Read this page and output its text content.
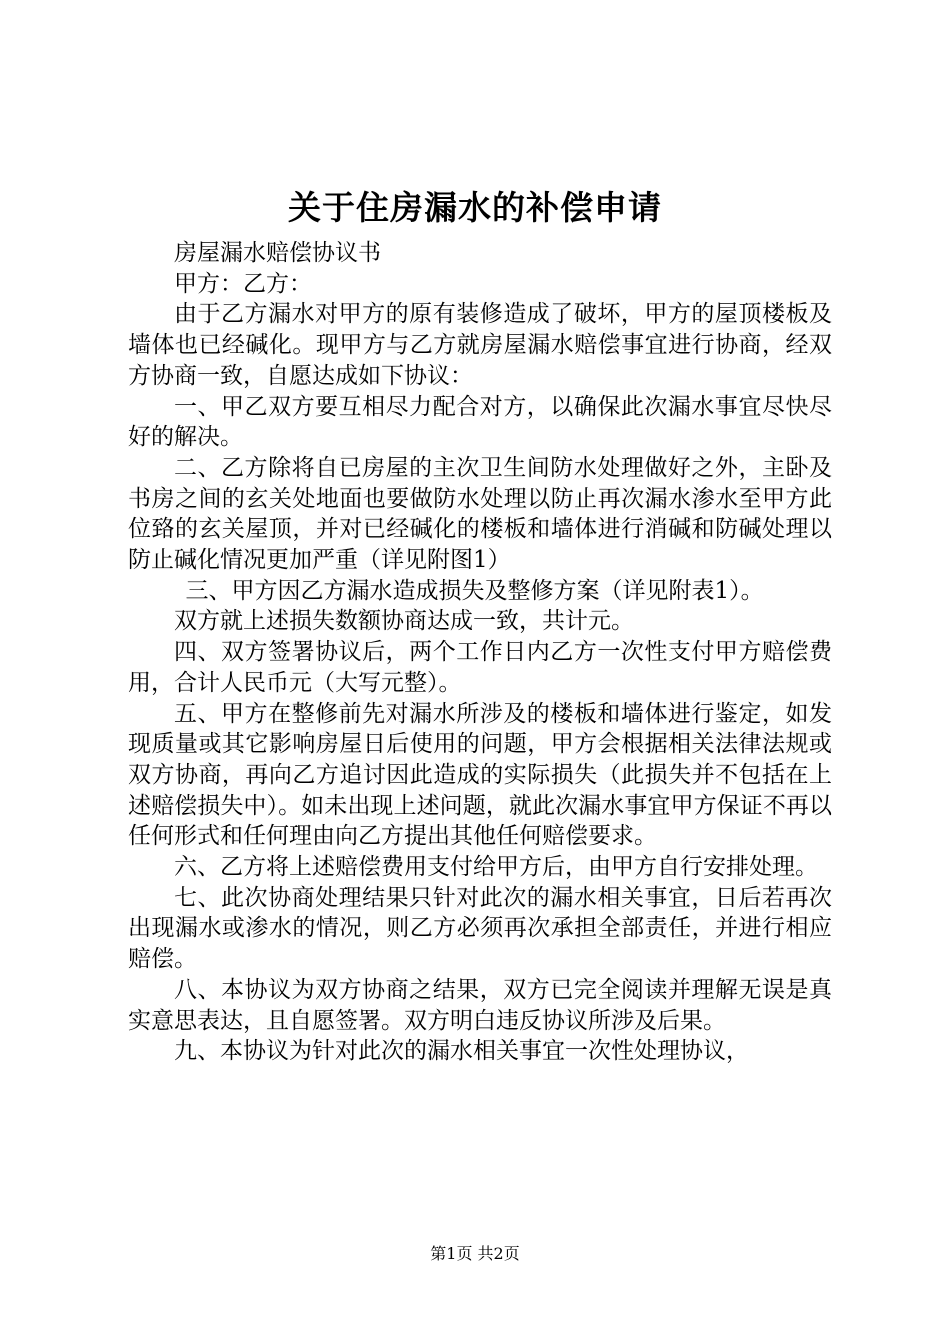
关于住房漏水的补偿申请

房屋漏水赔偿协议书

甲方：乙方：

由于乙方漏水对甲方的原有装修造成了破坏，甲方的屋顶楼板及墙体也已经碱化。现甲方与乙方就房屋漏水赔偿事宜进行协商，经双方协商一致，自愿达成如下协议：

一、甲乙双方要互相尽力配合对方，以确保此次漏水事宜尽快尽好的解决。

二、乙方除将自已房屋的主次卫生间防水处理做好之外，主卧及书房之间的玄关处地面也要做防水处理以防止再次漏水渗水至甲方此位臵的玄关屋顶，并对已经碱化的楼板和墙体进行消碱和防碱处理以防止碱化情况更加严重（详见附图1）

三、甲方因乙方漏水造成损失及整修方案（详见附表1）。

双方就上述损失数额协商达成一致，共计元。

四、双方签署协议后，两个工作日内乙方一次性支付甲方赔偿费用，合计人民币元（大写元整）。

五、甲方在整修前先对漏水所涉及的楼板和墙体进行鉴定，如发现质量或其它影响房屋日后使用的问题，甲方会根据相关法律法规或双方协商，再向乙方追讨因此造成的实际损失（此损失并不包括在上述赔偿损失中）。如未出现上述问题，就此次漏水事宜甲方保证不再以任何形式和任何理由向乙方提出其他任何赔偿要求。

六、乙方将上述赔偿费用支付给甲方后，由甲方自行安排处理。

七、此次协商处理结果只针对此次的漏水相关事宜，日后若再次出现漏水或渗水的情况，则乙方必须再次承担全部责任，并进行相应赔偿。

八、本协议为双方协商之结果，双方已完全阅读并理解无误是真实意思表达，且自愿签署。双方明白违反协议所涉及后果。

九、本协议为针对此次的漏水相关事宜一次性处理协议，

第1页 共2页
